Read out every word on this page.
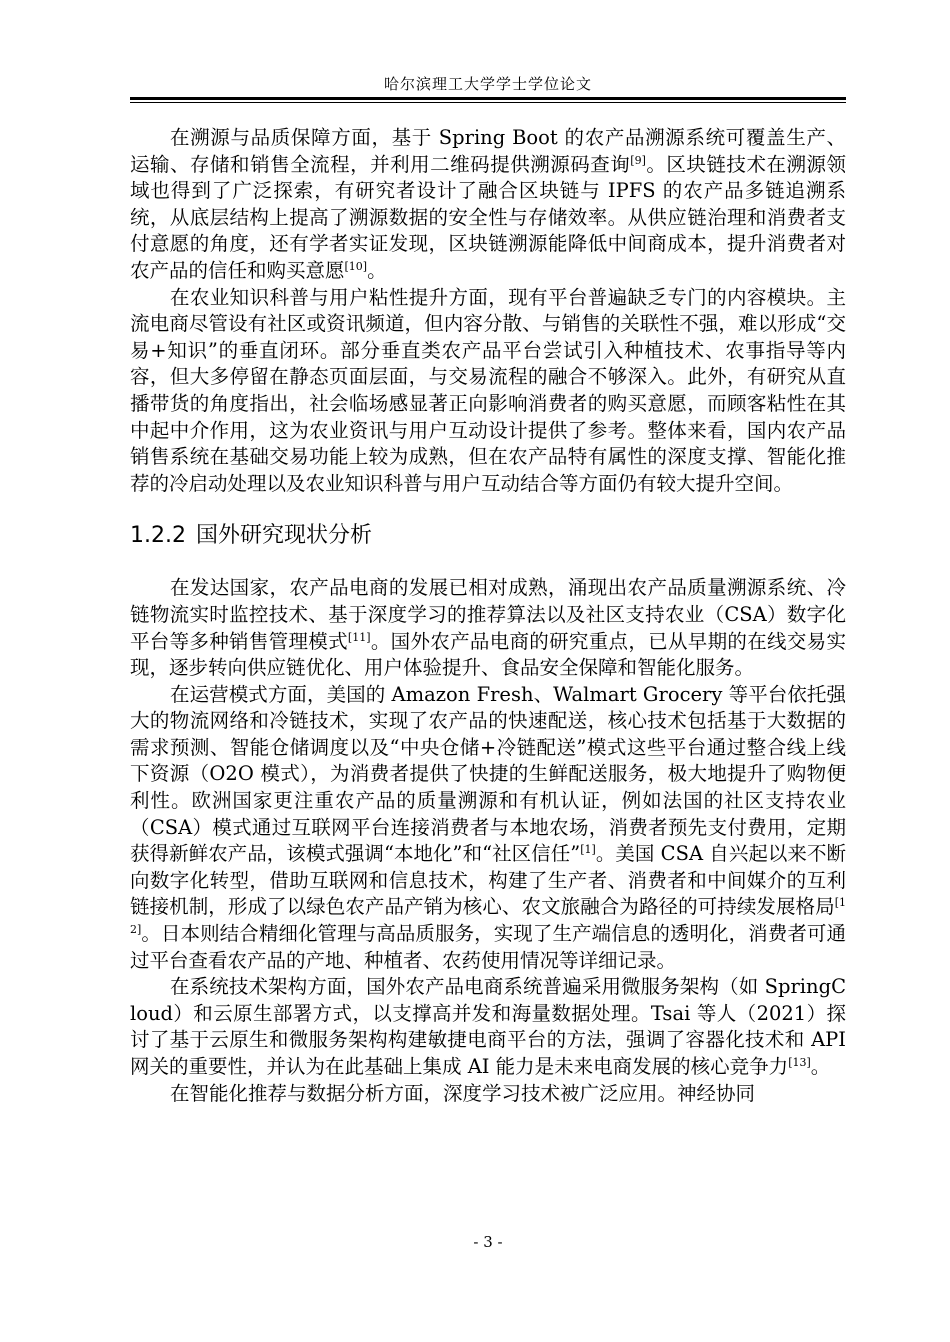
哈尔滨理工大学学士学位论文

在溯源与品质保障方面，基于 Spring Boot 的农产品溯源系统可覆盖生产、运输、存储和销售全流程，并利用二维码提供溯源码查询[9]。区块链技术在溯源领域也得到了广泛探索，有研究者设计了融合区块链与 IPFS 的农产品多链追溯系统，从底层结构上提高了溯源数据的安全性与存储效率。从供应链治理和消费者支付意愿的角度，还有学者实证发现，区块链溯源能降低中间商成本，提升消费者对农产品的信任和购买意愿[10]。

在农业知识科普与用户粘性提升方面，现有平台普遍缺乏专门的内容模块。主流电商尽管设有社区或资讯频道，但内容分散、与销售的关联性不强，难以形成“交易+知识”的垂直闭环。部分垂直类农产品平台尝试引入种植技术、农事指导等内容，但大多停留在静态页面层面，与交易流程的融合不够深入。此外，有研究从直播带货的角度指出，社会临场感显著正向影响消费者的购买意愿，而顾客粘性在其中起中介作用，这为农业资讯与用户互动设计提供了参考。整体来看，国内农产品销售系统在基础交易功能上较为成熟，但在农产品特有属性的深度支撑、智能化推荐的冷启动处理以及农业知识科普与用户互动结合等方面仍有较大提升空间。

1.2.2 国外研究现状分析

在发达国家，农产品电商的发展已相对成熟，涌现出农产品质量溯源系统、冷链物流实时监控技术、基于深度学习的推荐算法以及社区支持农业（CSA）数字化平台等多种销售管理模式[11]。国外农产品电商的研究重点，已从早期的在线交易实现，逐步转向供应链优化、用户体验提升、食品安全保障和智能化服务。

在运营模式方面，美国的 Amazon Fresh、Walmart Grocery 等平台依托强大的物流网络和冷链技术，实现了农产品的快速配送，核心技术包括基于大数据的需求预测、智能仓储调度以及“中央仓储+冷链配送”模式这些平台通过整合线上线下资源（O2O 模式），为消费者提供了快捷的生鲜配送服务，极大地提升了购物便利性。欧洲国家更注重农产品的质量溯源和有机认证，例如法国的社区支持农业（CSA）模式通过互联网平台连接消费者与本地农场，消费者预先支付费用，定期获得新鲜农产品，该模式强调“本地化”和“社区信任”[1]。美国 CSA 自兴起以来不断向数字化转型，借助互联网和信息技术，构建了生产者、消费者和中间媒介的互利链接机制，形成了以绿色农产品产销为核心、农文旅融合为路径的可持续发展格局[12]。日本则结合精细化管理与高品质服务，实现了生产端信息的透明化，消费者可通过平台查看农产品的产地、种植者、农药使用情况等详细记录。

在系统技术架构方面，国外农产品电商系统普遍采用微服务架构（如 SpringCloud）和云原生部署方式，以支撑高并发和海量数据处理。Tsai 等人（2021）探讨了基于云原生和微服务架构构建敏捷电商平台的方法，强调了容器化技术和 API 网关的重要性，并认为在此基础上集成 AI 能力是未来电商发展的核心竞争力[13]。

在智能化推荐与数据分析方面，深度学习技术被广泛应用。神经协同

- 3 -
